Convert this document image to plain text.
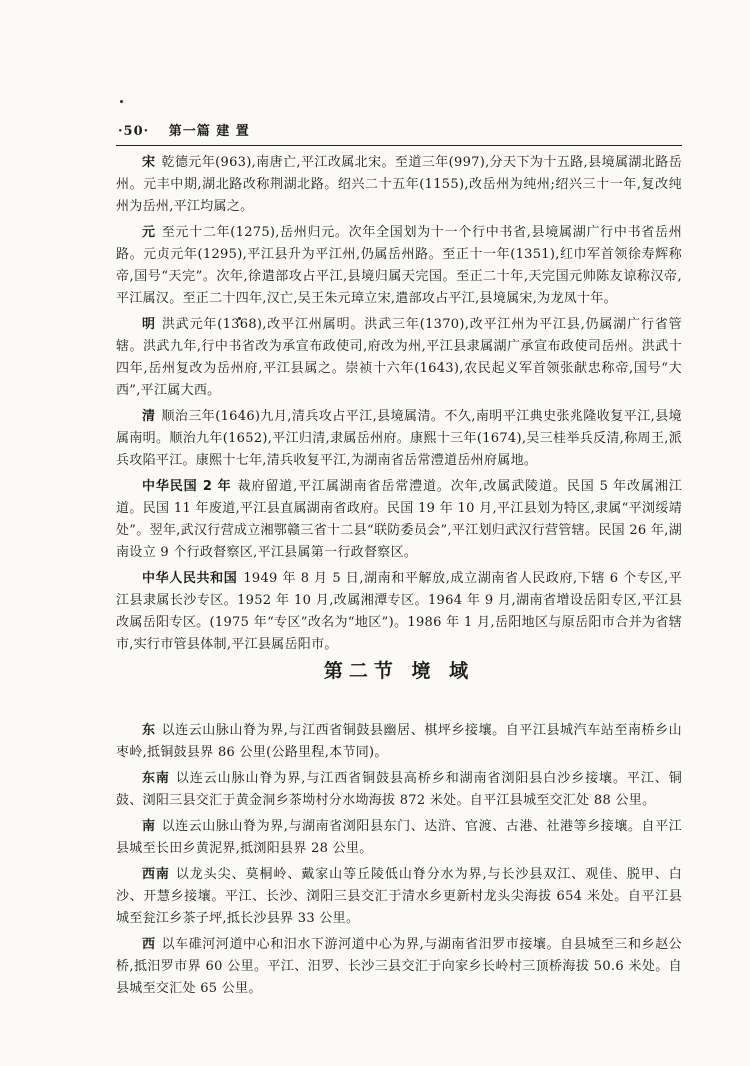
·50· 第一篇 建 置

宋 乾德元年(963),南唐亡,平江改属北宋。至道三年(997),分天下为十五路,县境属湖北路岳州。元丰中期,湖北路改称荆湖北路。绍兴二十五年(1155),改岳州为纯州;绍兴三十一年,复改纯州为岳州,平江均属之。

元 至元十二年(1275),岳州归元。次年全国划为十一个行中书省,县境属湖广行中书省岳州路。元贞元年(1295),平江县升为平江州,仍属岳州路。至正十一年(1351),红巾军首领徐寿辉称帝,国号“天完”。次年,徐遣部攻占平江,县境归属天完国。至正二十年,天完国元帅陈友谅称汉帝,平江属汉。至正二十四年,汉亡,吴王朱元璋立宋,遣部攻占平江,县境属宋,为龙凤十年。

明 洪武元年(1368),改平江州属明。洪武三年(1370),改平江州为平江县,仍属湖广行省管辖。洪武九年,行中书省改为承宣布政使司,府改为州,平江县隶属湖广承宣布政使司岳州。洪武十四年,岳州复改为岳州府,平江县属之。崇祯十六年(1643),农民起义军首领张献忠称帝,国号“大西”,平江属大西。

清 顺治三年(1646)九月,清兵攻占平江,县境属清。不久,南明平江典史张兆隆收复平江,县境属南明。顺治九年(1652),平江归清,隶属岳州府。康熙十三年(1674),吴三桂举兵反清,称周王,派兵攻陷平江。康熙十七年,清兵收复平江,为湖南省岳常澧道岳州府属地。

中华民国 2 年 裁府留道,平江属湖南省岳常澧道。次年,改属武陵道。民国 5 年改属湘江道。民国 11 年废道,平江县直属湖南省政府。民国 19 年 10 月,平江县划为特区,隶属“平浏绥靖处”。翌年,武汉行营成立湘鄂赣三省十二县“联防委员会”,平江划归武汉行营管辖。民国 26 年,湖南设立 9 个行政督察区,平江县属第一行政督察区。

中华人民共和国 1949 年 8 月 5 日,湖南和平解放,成立湖南省人民政府,下辖 6 个专区,平江县隶属长沙专区。1952 年 10 月,改属湘潭专区。1964 年 9 月,湖南省增设岳阳专区,平江县改属岳阳专区。(1975 年“专区”改名为“地区”)。1986 年 1 月,岳阳地区与原岳阳市合并为省辖市,实行市管县体制,平江县属岳阳市。

第二节 境 域

东 以连云山脉山脊为界,与江西省铜鼓县幽居、棋坪乡接壤。自平江县城汽车站至南桥乡山枣岭,抵铜鼓县界 86 公里(公路里程,本节同)。

东南 以连云山脉山脊为界,与江西省铜鼓县高桥乡和湖南省浏阳县白沙乡接壤。平江、铜鼓、浏阳三县交汇于黄金洞乡茶坳村分水坳海拔 872 米处。自平江县城至交汇处 88 公里。

南 以连云山脉山脊为界,与湖南省浏阳县东门、达浒、官渡、古港、社港等乡接壤。自平江县城至长田乡黄泥界,抵浏阳县界 28 公里。

西南 以龙头尖、莫桐岭、戴家山等丘陵低山脊分水为界,与长沙县双江、观佳、脱甲、白沙、开慧乡接壤。平江、长沙、浏阳三县交汇于清水乡更新村龙头尖海拔 654 米处。自平江县城至瓮江乡茶子坪,抵长沙县界 33 公里。

西 以车碓河河道中心和汨水下游河道中心为界,与湖南省汨罗市接壤。自县城至三和乡赵公桥,抵汨罗市界 60 公里。平江、汨罗、长沙三县交汇于向家乡长岭村三顶桥海拔 50.6 米处。自县城至交汇处 65 公里。
